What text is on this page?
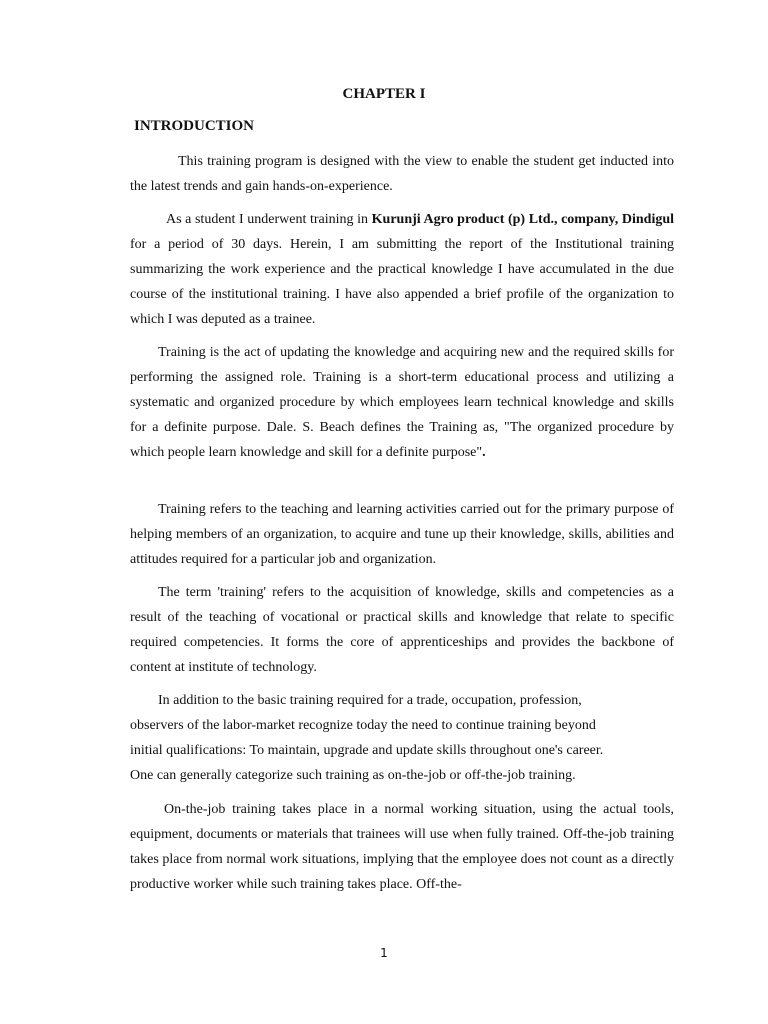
CHAPTER I
INTRODUCTION

This training program is designed with the view to enable the student get inducted into the latest trends and gain hands-on-experience.

As a student I underwent training in Kurunji Agro product (p) Ltd., company, Dindigul for a period of 30 days. Herein, I am submitting the report of the Institutional training summarizing the work experience and the practical knowledge I have accumulated in the due course of the institutional training. I have also appended a brief profile of the organization to which I was deputed as a trainee.

Training is the act of updating the knowledge and acquiring new and the required skills for performing the assigned role. Training is a short-term educational process and utilizing a systematic and organized procedure by which employees learn technical knowledge and skills for a definite purpose. Dale. S. Beach defines the Training as, "The organized procedure by which people learn knowledge and skill for a definite purpose".

Training refers to the teaching and learning activities carried out for the primary purpose of helping members of an organization, to acquire and tune up their knowledge, skills, abilities and attitudes required for a particular job and organization.

The term 'training' refers to the acquisition of knowledge, skills and competencies as a result of the teaching of vocational or practical skills and knowledge that relate to specific required competencies. It forms the core of apprenticeships and provides the backbone of content at institute of technology.

In addition to the basic training required for a trade, occupation, profession,
observers of the labor-market recognize today the need to continue training beyond
initial qualifications: To maintain, upgrade and update skills throughout one's career.
One can generally categorize such training as on-the-job or off-the-job training.

On-the-job training takes place in a normal working situation, using the actual tools, equipment, documents or materials that trainees will use when fully trained. Off-the-job training takes place from normal work situations, implying that the employee does not count as a directly productive worker while such training takes place. Off-the-

1
